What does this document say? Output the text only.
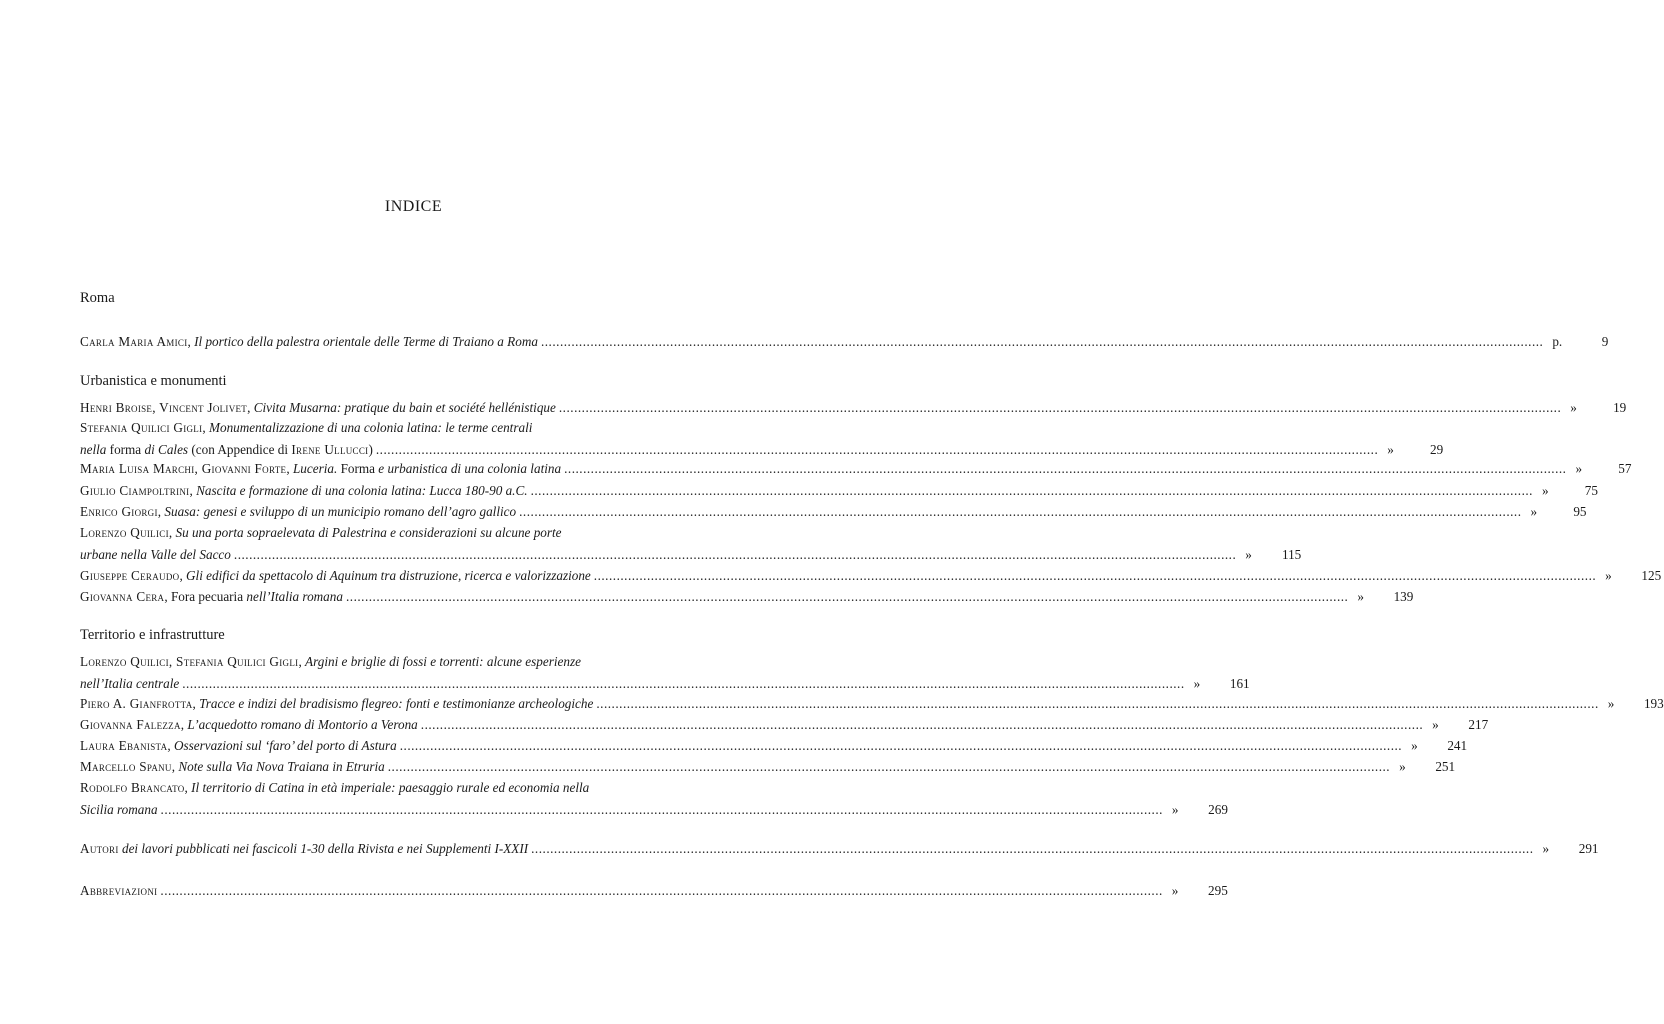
INDICE
Roma
Carla Maria Amici, Il portico della palestra orientale delle Terme di Traiano a Roma .....	p.	9
Urbanistica e monumenti
Henri Broise, Vincent Jolivet, Civita Musarna: pratique du bain et société hellénistique .....	»	19
Stefania Quilici Gigli, Monumentalizzazione di una colonia latina: le terme centrali
nella forma di Cales (con Appendice di Irene Ullucci) .....	»	29
Maria Luisa Marchi, Giovanni Forte, Luceria. Forma e urbanistica di una colonia latina .....	»	57
Giulio Ciampoltrini, Nascita e formazione di una colonia latina: Lucca 180-90 a.C. .....	»	75
Enrico Giorgi, Suasa: genesi e sviluppo di un municipio romano dell’agro gallico .....	»	95
Lorenzo Quilici, Su una porta sopraelevata di Palestrina e considerazioni su alcune porte
urbane nella Valle del Sacco .....	»	115
Giuseppe Ceraudo, Gli edifici da spettacolo di Aquinum tra distruzione, ricerca e valorizzazione .....	»	125
Giovanna Cera, Fora pecuaria nell’Italia romana .....	»	139
Territorio e infrastrutture
Lorenzo Quilici, Stefania Quilici Gigli, Argini e briglie di fossi e torrenti: alcune esperienze
nell’Italia centrale .....	»	161
Piero A. Gianfrotta, Tracce e indizi del bradisismo flegreo: fonti e testimonianze archeologiche .....	»	193
Giovanna Falezza, L’acquedotto romano di Montorio a Verona .....	»	217
Laura Ebanista, Osservazioni sul ‘faro’ del porto di Astura .....	»	241
Marcello Spanu, Note sulla Via Nova Traiana in Etruria .....	»	251
Rodolfo Brancato, Il territorio di Catina in età imperiale: paesaggio rurale ed economia nella
Sicilia romana .....	»	269
Autori dei lavori pubblicati nei fascicoli 1-30 della Rivista e nei Supplementi I-XXII .....	»	291
Abbreviazioni .....	»	295
